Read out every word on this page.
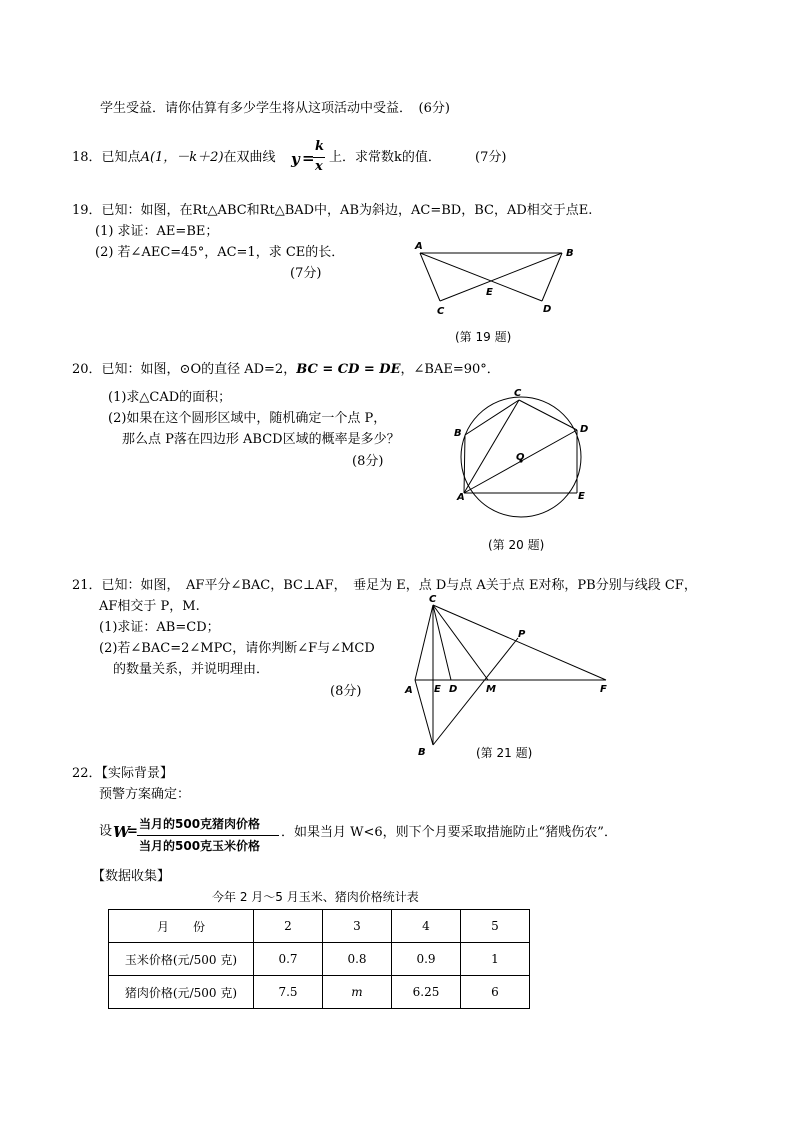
学生受益．请你估算有多少学生将从这项活动中受益．　(6分)
18．已知点A(1，－k＋2)在双曲线 y =
k
x
上．求常数k的值．	(7分)
19．已知：如图，在Rt△ABC和Rt△BAD中，AB为斜边，AC=BD，BC，AD相交于点E.
(1) 求证：AE=BE；
(2) 若∠AEC=45°，AC=1，求 CE的长．
(7分)
A
B
C	D
E
(第 19 题)
20．已知：如图，⊙O的直径 AD=2，BC = CD = DE，∠BAE=90°．
(1)求△CAD的面积；
(2)如果在这个圆形区域中，随机确定一个点 P，
那么点 P落在四边形 ABCD区域的概率是多少？
(8分)
A
B
C
D
E
O
(第 20 题)
21．已知：如图，　AF平分∠BAC，BC⊥AF，　垂足为 E，点 D与点 A关于点 E对称，PB分别与线段 CF，
AF相交于 P，M.
(1)求证：AB=CD；
(2)若∠BAC=2∠MPC，请你判断∠F与∠MCD
的数量关系，并说明理由．
(8分)
C
A E D	M	F
P
B	(第 21 题)
22．【实际背景】
预警方案确定：
设 W
= 当月的500克猪肉价格
当月的500克玉米价格
．如果当月 W<6，则下个月要采取措施防止“猪贱伤农”．
【数据收集】
今年 2 月～5 月玉米、猪肉价格统计表
月　　份	2	3	4	5
玉米价格(元/500 克)	0.7	0.8	0.9	1
猪肉价格(元/500 克)	7.5	m	6.25	6
